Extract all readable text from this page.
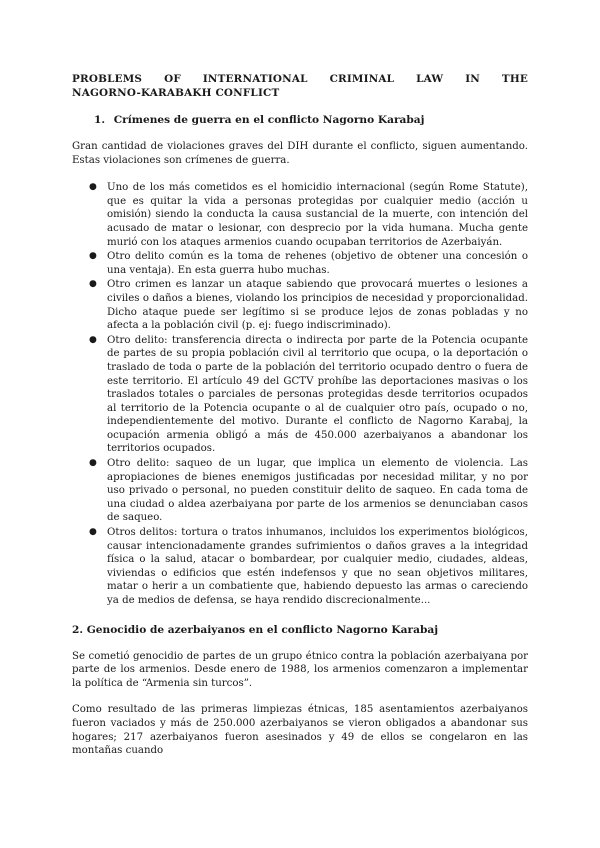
PROBLEMS OF INTERNATIONAL CRIMINAL LAW IN THE
NAGORNO-KARABAKH CONFLICT
1. Crímenes de guerra en el conflicto Nagorno Karabaj

Gran cantidad de violaciones graves del DIH durante el conflicto, siguen aumentando. Estas violaciones son crímenes de guerra.

● Uno de los más cometidos es el homicidio internacional (según Rome Statute), que es quitar la vida a personas protegidas por cualquier medio (acción u omisión) siendo la conducta la causa sustancial de la muerte, con intención del acusado de matar o lesionar, con desprecio por la vida humana. Mucha gente murió con los ataques armenios cuando ocupaban territorios de Azerbaiyán.
● Otro delito común es la toma de rehenes (objetivo de obtener una concesión o una ventaja). En esta guerra hubo muchas.
● Otro crimen es lanzar un ataque sabiendo que provocará muertes o lesiones a civiles o daños a bienes, violando los principios de necesidad y proporcionalidad. Dicho ataque puede ser legítimo si se produce lejos de zonas pobladas y no afecta a la población civil (p. ej: fuego indiscriminado).
● Otro delito: transferencia directa o indirecta por parte de la Potencia ocupante de partes de su propia población civil al territorio que ocupa, o la deportación o traslado de toda o parte de la población del territorio ocupado dentro o fuera de este territorio. El artículo 49 del GCTV prohíbe las deportaciones masivas o los traslados totales o parciales de personas protegidas desde territorios ocupados al territorio de la Potencia ocupante o al de cualquier otro país, ocupado o no, independientemente del motivo. Durante el conflicto de Nagorno Karabaj, la ocupación armenia obligó a más de 450.000 azerbaiyanos a abandonar los territorios ocupados.
● Otro delito: saqueo de un lugar, que implica un elemento de violencia. Las apropiaciones de bienes enemigos justificadas por necesidad militar, y no por uso privado o personal, no pueden constituir delito de saqueo. En cada toma de una ciudad o aldea azerbaiyana por parte de los armenios se denunciaban casos de saqueo.
● Otros delitos: tortura o tratos inhumanos, incluidos los experimentos biológicos, causar intencionadamente grandes sufrimientos o daños graves a la integridad física o la salud, atacar o bombardear, por cualquier medio, ciudades, aldeas, viviendas o edificios que estén indefensos y que no sean objetivos militares, matar o herir a un combatiente que, habiendo depuesto las armas o careciendo ya de medios de defensa, se haya rendido discrecionalmente...
2. Genocidio de azerbaiyanos en el conflicto Nagorno Karabaj

Se cometió genocidio de partes de un grupo étnico contra la población azerbaiyana por parte de los armenios. Desde enero de 1988, los armenios comenzaron a implementar la política de “Armenia sin turcos”.

Como resultado de las primeras limpiezas étnicas, 185 asentamientos azerbaiyanos fueron vaciados y más de 250.000 azerbaiyanos se vieron obligados a abandonar sus hogares; 217 azerbaiyanos fueron asesinados y 49 de ellos se congelaron en las montañas cuando
